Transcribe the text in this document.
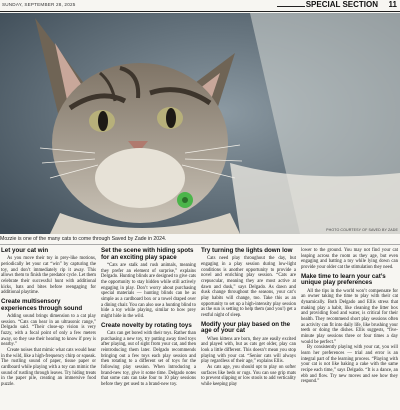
SUNDAY, SEPTEMBER 28, 2025	SPECIAL SECTION 11
PHOTO COURTESY OF SAVED BY ZADE
Mozzie is one of the many cats to come through Saved by Zade in 2024.
Let your cat win

As you move their toy in prey-like motions, periodically let your cat “win” by capturing the toy, and don’t immediately rip it away. This allows them to finish the predator cycle. Let them celebrate their successful hunt with additional kicks, bats and bites before reengaging for additional playtime.

Create multisensory experiences through sound

Adding sound brings dimension to a cat play session. “Cats can hear in an ultrasonic range,” Delgado said. “Their close-up vision is very fuzzy, with a focal point of only a few meters away, so they use their hearing to know if prey is nearby.”

Create noises that mimic what cats would hear in the wild, like a high-frequency chirp or squeak. The rustling sound of paper, tissue paper or cardboard while playing with a toy can mimic the sound of rustling through leaves. Try hiding treats in the paper pile, creating an immersive food puzzle.

Set the scene with hiding spots for an exciting play space

“Cats are stalk and rush animals, meaning they prefer an element of surprise,” explains Delgado. Hunting blinds are designed to give cats the opportunity to stay hidden while still actively engaging in play. Don’t worry about purchasing special materials — hunting blinds can be as simple as a cardboard box or a towel draped over a dining chair. You can also use a hunting blind to hide a toy while playing, similar to how prey might hide in the wild.

Create novelty by rotating toys

Cats can get bored with their toys. Rather than purchasing a new toy, try putting away tired toys after playing, out of sight from your cat, and then reintroducing them later. Delgado recommends bringing out a few toys each play session and then rotating to a different set of toys for the following play session. When introducing a brand-new toy, give it some time. Delgado notes that some cats can take four to 10 play sessions before they get used to a brand-new toy.

Try turning the lights down low

Cats need play throughout the day, but engaging in a play session during low-light conditions is another opportunity to provide a novel and enriching play session. “Cats are crepuscular, meaning they are most active at dawn and dusk,” says Delgado. As dawn and dusk change throughout the seasons, your cat’s play habits will change, too. Take this as an opportunity to set up a high-intensity play session as the sun is setting to help them (and you!) get a restful night of sleep.

Modify your play based on the age of your cat

When kittens are born, they are easily excited and played with, but as cats get older, play can look a little different. This doesn’t mean you stop playing with your cat. “Senior cats will always play regardless of their age,” explains Ellis.

As cats age, you should opt to play on softer surfaces like beds or rugs. You can use grip mats to prevent slipping or low stools to add verticality while keeping play

lower to the ground. You may not find your cat leaping across the room as they age, but even engaging and batting a toy while lying down can provide your older cat the stimulation they need.

Make time to learn your cat’s unique play preferences

All the tips in the world won’t compensate for an owner taking the time to play with their cat dynamically. Both Delgado and Ellis stress that making play a habit, like cleaning the litter box and providing food and water, is critical for their health. They recommend short play sessions often as activity can fit into daily life, like brushing your teeth or doing the dishes. Ellis suggests, “five-minute play sessions three or four times a day would be perfect.”

By consistently playing with your cat, you will learn her preferences — trial and error is an integral part of the learning process. “Playing with your cat is not like baking a cake with the same recipe each time,” says Delgado. “It is a dance, an ebb and flow. Try new moves and see how they respond.”
